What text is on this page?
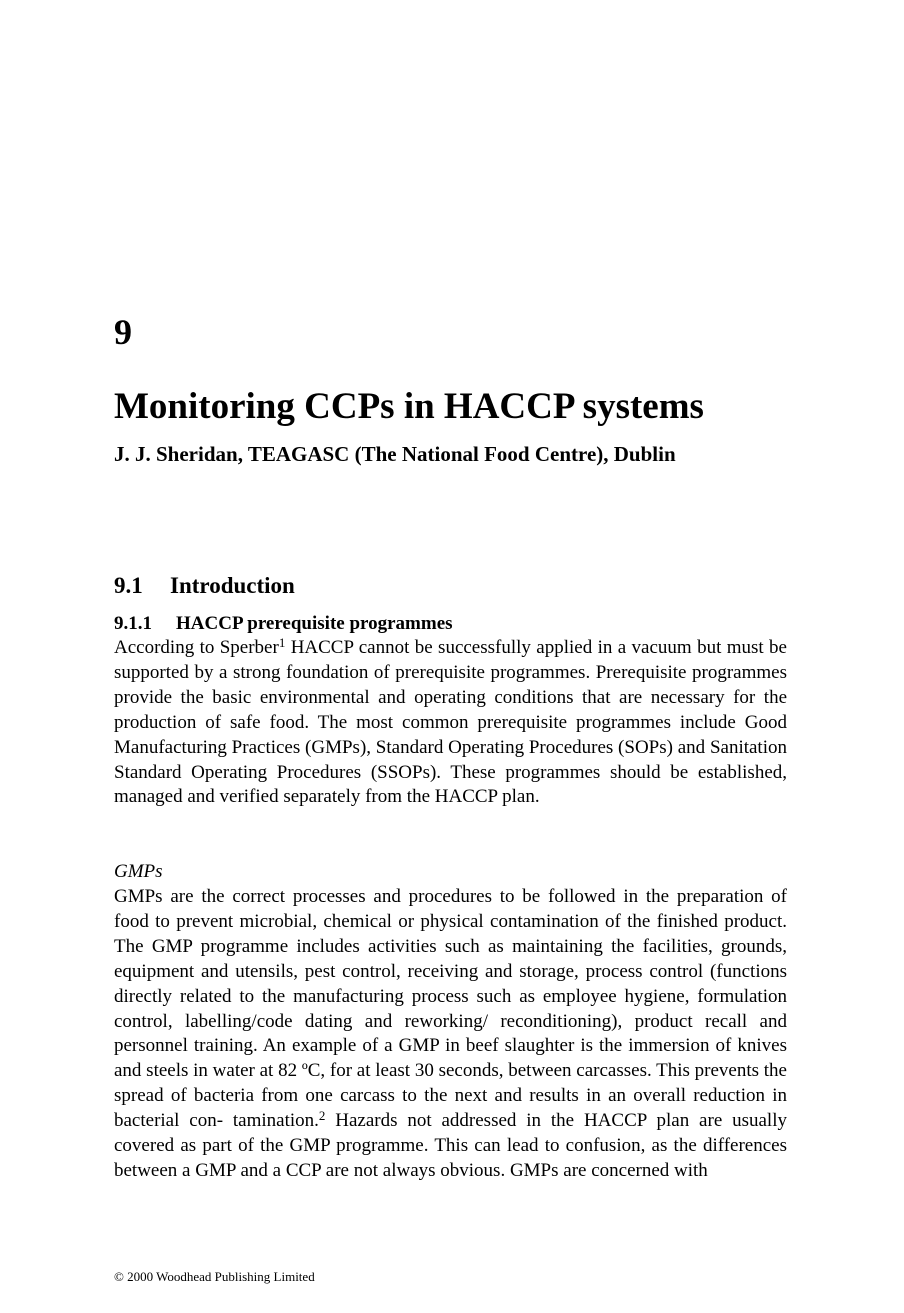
9
Monitoring CCPs in HACCP systems

J. J. Sheridan, TEAGASC (The National Food Centre), Dublin

9.1 Introduction
9.1.1 HACCP prerequisite programmes

According to Sperber$^1$ HACCP cannot be successfully applied in a vacuum but must be supported by a strong foundation of prerequisite programmes. Prerequisite programmes provide the basic environmental and operating conditions that are necessary for the production of safe food. The most common prerequisite programmes include Good Manufacturing Practices (GMPs), Standard Operating Procedures (SOPs) and Sanitation Standard Operating Procedures (SSOPs). These programmes should be established, managed and verified separately from the HACCP plan.

GMPs

GMPs are the correct processes and procedures to be followed in the preparation of food to prevent microbial, chemical or physical contamination of the finished product. The GMP programme includes activities such as maintaining the facilities, grounds, equipment and utensils, pest control, receiving and storage, process control (functions directly related to the manufacturing process such as employee hygiene, formulation control, labelling/code dating and reworking/ reconditioning), product recall and personnel training. An example of a GMP in beef slaughter is the immersion of knives and steels in water at 82 ºC, for at least 30 seconds, between carcasses. This prevents the spread of bacteria from one carcass to the next and results in an overall reduction in bacterial con- tamination.$^2$ Hazards not addressed in the HACCP plan are usually covered as part of the GMP programme. This can lead to confusion, as the differences between a GMP and a CCP are not always obvious. GMPs are concerned with

© 2000 Woodhead Publishing Limited
